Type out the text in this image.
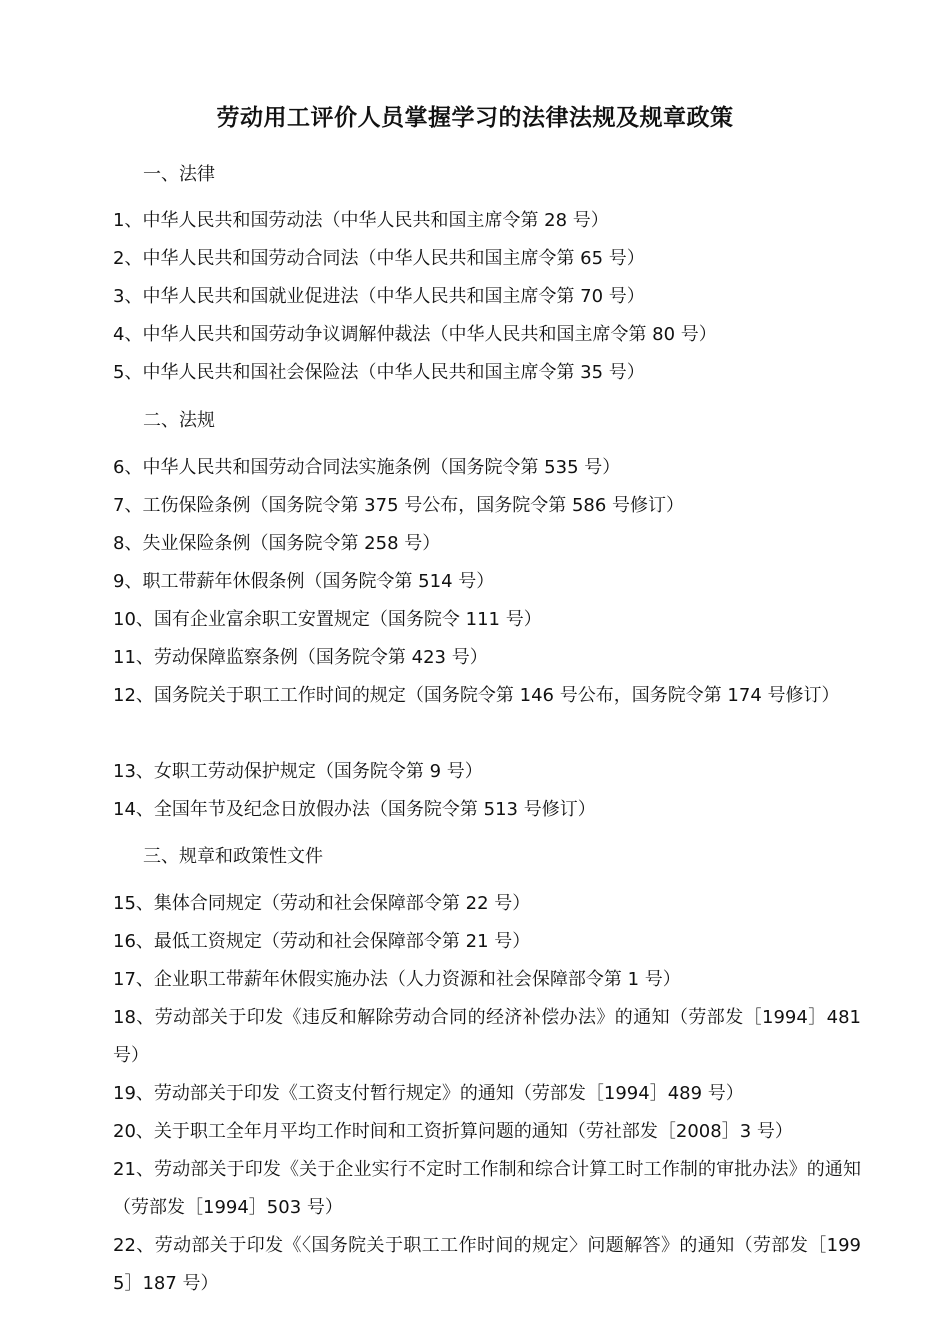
劳动用工评价人员掌握学习的法律法规及规章政策
一、法律
1、中华人民共和国劳动法（中华人民共和国主席令第 28 号）
2、中华人民共和国劳动合同法（中华人民共和国主席令第 65 号）
3、中华人民共和国就业促进法（中华人民共和国主席令第 70 号）
4、中华人民共和国劳动争议调解仲裁法（中华人民共和国主席令第 80 号）
5、中华人民共和国社会保险法（中华人民共和国主席令第 35 号）
二、法规
6、中华人民共和国劳动合同法实施条例（国务院令第 535 号）
7、工伤保险条例（国务院令第 375 号公布，国务院令第 586 号修订）
8、失业保险条例（国务院令第 258 号）
9、职工带薪年休假条例（国务院令第 514 号）
10、国有企业富余职工安置规定（国务院令 111 号）
11、劳动保障监察条例（国务院令第 423 号）
12、国务院关于职工工作时间的规定（国务院令第 146 号公布，国务院令第 174 号修订）
13、女职工劳动保护规定（国务院令第 9 号）
14、全国年节及纪念日放假办法（国务院令第 513 号修订）
三、规章和政策性文件
15、集体合同规定（劳动和社会保障部令第 22 号）
16、最低工资规定（劳动和社会保障部令第 21 号）
17、企业职工带薪年休假实施办法（人力资源和社会保障部令第 1 号）
18、劳动部关于印发《违反和解除劳动合同的经济补偿办法》的通知（劳部发［1994］481 号）
19、劳动部关于印发《工资支付暂行规定》的通知（劳部发［1994］489 号）
20、关于职工全年月平均工作时间和工资折算问题的通知（劳社部发［2008］3 号）
21、劳动部关于印发《关于企业实行不定时工作制和综合计算工时工作制的审批办法》的通知（劳部发［1994］503 号）
22、劳动部关于印发《〈国务院关于职工工作时间的规定〉问题解答》的通知（劳部发［1995］187 号）
